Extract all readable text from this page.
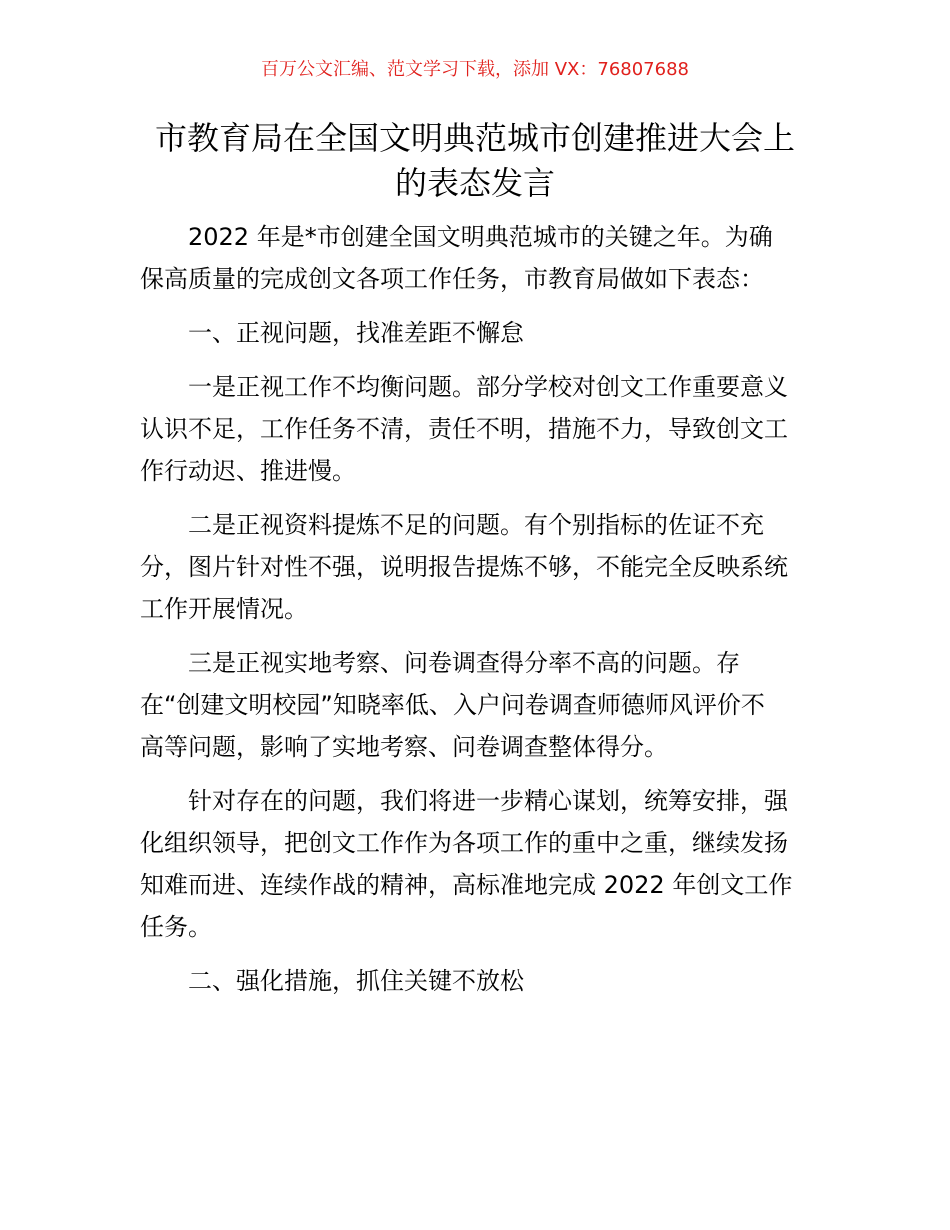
百万公文汇编、范文学习下载，添加 VX：76807688
市教育局在全国文明典范城市创建推进大会上
的表态发言
2022 年是*市创建全国文明典范城市的关键之年。为确
保高质量的完成创文各项工作任务，市教育局做如下表态：
一、正视问题，找准差距不懈怠
一是正视工作不均衡问题。部分学校对创文工作重要意义
认识不足，工作任务不清，责任不明，措施不力，导致创文工
作行动迟、推进慢。
二是正视资料提炼不足的问题。有个别指标的佐证不充
分，图片针对性不强，说明报告提炼不够，不能完全反映系统
工作开展情况。
三是正视实地考察、问卷调查得分率不高的问题。存
在“创建文明校园”知晓率低、入户问卷调查师德师风评价不
高等问题，影响了实地考察、问卷调查整体得分。
针对存在的问题，我们将进一步精心谋划，统筹安排，强
化组织领导，把创文工作作为各项工作的重中之重，继续发扬
知难而进、连续作战的精神，高标准地完成 2022 年创文工作
任务。
二、强化措施，抓住关键不放松
